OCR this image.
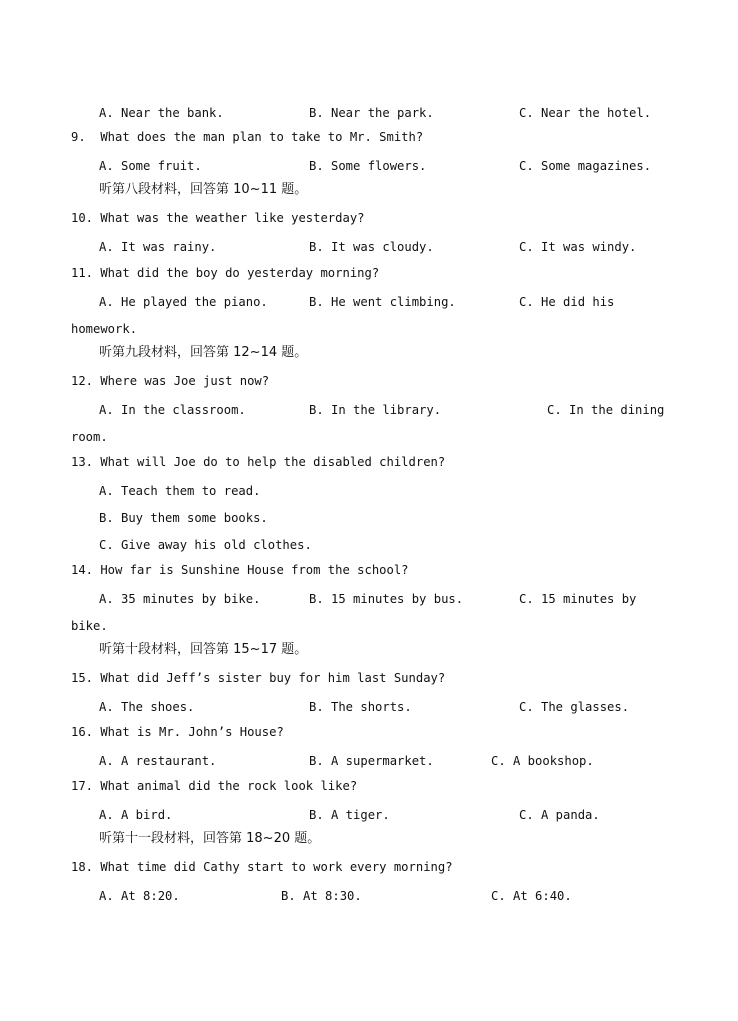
A. Near the bank.	B. Near the park.	C. Near the hotel.
9.  What does the man plan to take to Mr. Smith?
A. Some fruit.	B. Some flowers.	C. Some magazines.
听第八段材料，回答第 10~11 题。
10. What was the weather like yesterday?
A. It was rainy.	B. It was cloudy.	C. It was windy.
11. What did the boy do yesterday morning?
A. He played the piano.	B. He went climbing.	C. He did his
homework.
听第九段材料，回答第 12~14 题。
12. Where was Joe just now?
A. In the classroom.	B. In the library.	C. In the dining
room.
13. What will Joe do to help the disabled children?
A. Teach them to read.
B. Buy them some books.
C. Give away his old clothes.
14. How far is Sunshine House from the school?
A. 35 minutes by bike.	B. 15 minutes by bus.	C. 15 minutes by
bike.
听第十段材料，回答第 15~17 题。
15. What did Jeff’s sister buy for him last Sunday?
A. The shoes.	B. The shorts.	C. The glasses.
16. What is Mr. John’s House?
A. A restaurant.	B. A supermarket.	C. A bookshop.
17. What animal did the rock look like?
A. A bird.	B. A tiger.	C. A panda.
听第十一段材料，回答第 18~20 题。
18. What time did Cathy start to work every morning?
A. At 8:20.	B. At 8:30.	C. At 6:40.
